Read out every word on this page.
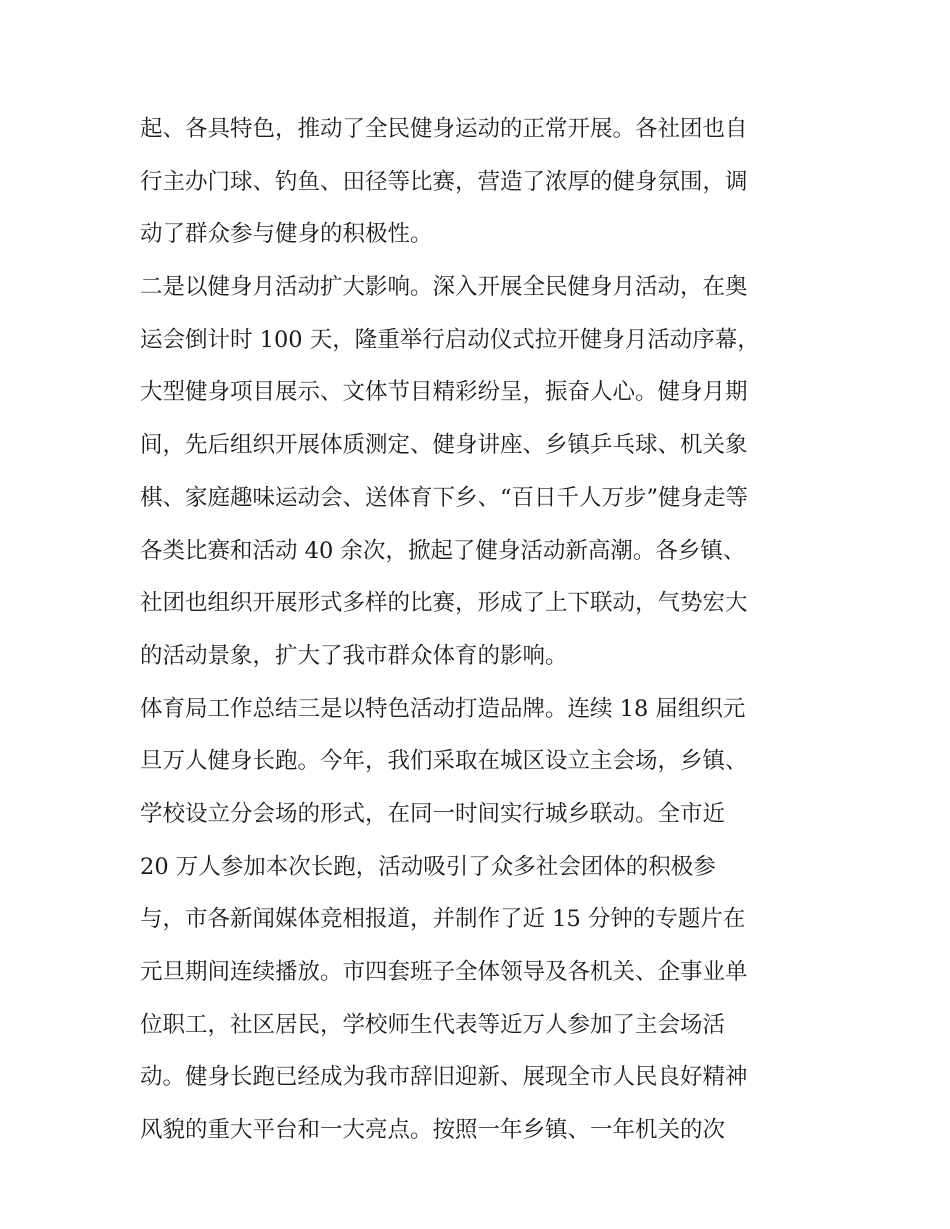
起、各具特色，推动了全民健身运动的正常开展。各社团也自
行主办门球、钓鱼、田径等比赛，营造了浓厚的健身氛围，调
动了群众参与健身的积极性。
二是以健身月活动扩大影响。深入开展全民健身月活动，在奥
运会倒计时 100 天，隆重举行启动仪式拉开健身月活动序幕，
大型健身项目展示、文体节目精彩纷呈，振奋人心。健身月期
间，先后组织开展体质测定、健身讲座、乡镇乒乓球、机关象
棋、家庭趣味运动会、送体育下乡、“百日千人万步”健身走等
各类比赛和活动 40 余次，掀起了健身活动新高潮。各乡镇、
社团也组织开展形式多样的比赛，形成了上下联动，气势宏大
的活动景象，扩大了我市群众体育的影响。
体育局工作总结三是以特色活动打造品牌。连续 18 届组织元
旦万人健身长跑。今年，我们采取在城区设立主会场，乡镇、
学校设立分会场的形式，在同一时间实行城乡联动。全市近
20 万人参加本次长跑，活动吸引了众多社会团体的积极参
与，市各新闻媒体竞相报道，并制作了近 15 分钟的专题片在
元旦期间连续播放。市四套班子全体领导及各机关、企事业单
位职工，社区居民，学校师生代表等近万人参加了主会场活
动。健身长跑已经成为我市辞旧迎新、展现全市人民良好精神
风貌的重大平台和一大亮点。按照一年乡镇、一年机关的次
